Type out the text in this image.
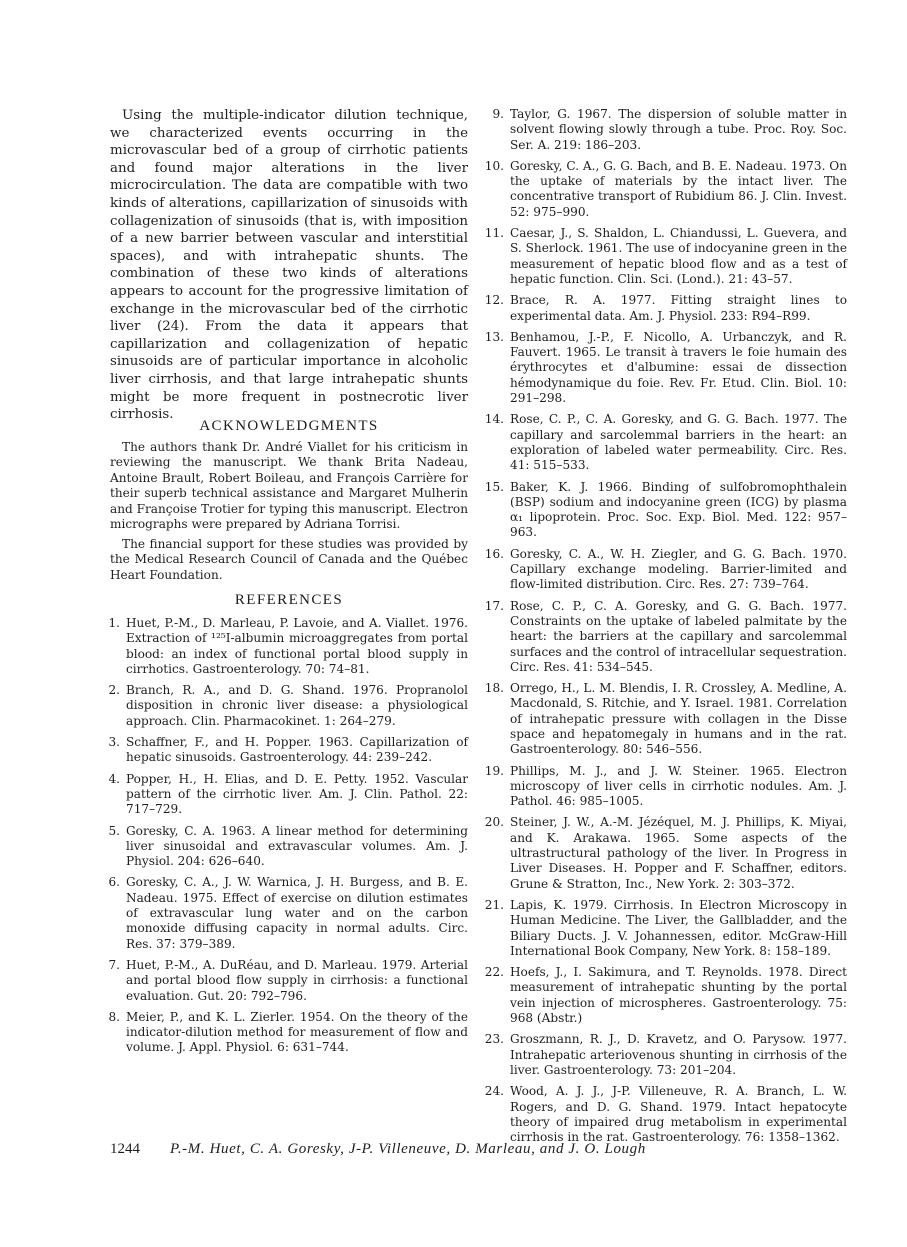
Using the multiple-indicator dilution technique, we characterized events occurring in the microvascular bed of a group of cirrhotic patients and found major alterations in the liver microcirculation. The data are compatible with two kinds of alterations, capillarization of sinusoids with collagenization of sinusoids (that is, with imposition of a new barrier between vascular and interstitial spaces), and with intrahepatic shunts. The combination of these two kinds of alterations appears to account for the progressive limitation of exchange in the microvascular bed of the cirrhotic liver (24). From the data it appears that capillarization and collagenization of hepatic sinusoids are of particular importance in alcoholic liver cirrhosis, and that large intrahepatic shunts might be more frequent in postnecrotic liver cirrhosis.

ACKNOWLEDGMENTS

The authors thank Dr. André Viallet for his criticism in reviewing the manuscript. We thank Brita Nadeau, Antoine Brault, Robert Boileau, and François Carrière for their superb technical assistance and Margaret Mulherin and Françoise Trotier for typing this manuscript. Electron micrographs were prepared by Adriana Torrisi.

The financial support for these studies was provided by the Medical Research Council of Canada and the Québec Heart Foundation.

REFERENCES
1. Huet, P.-M., D. Marleau, P. Lavoie, and A. Viallet. 1976. Extraction of ¹²⁵I-albumin microaggregates from portal blood: an index of functional portal blood supply in cirrhotics. Gastroenterology. 70: 74–81.
2. Branch, R. A., and D. G. Shand. 1976. Propranolol disposition in chronic liver disease: a physiological approach. Clin. Pharmacokinet. 1: 264–279.
3. Schaffner, F., and H. Popper. 1963. Capillarization of hepatic sinusoids. Gastroenterology. 44: 239–242.
4. Popper, H., H. Elias, and D. E. Petty. 1952. Vascular pattern of the cirrhotic liver. Am. J. Clin. Pathol. 22: 717–729.
5. Goresky, C. A. 1963. A linear method for determining liver sinusoidal and extravascular volumes. Am. J. Physiol. 204: 626–640.
6. Goresky, C. A., J. W. Warnica, J. H. Burgess, and B. E. Nadeau. 1975. Effect of exercise on dilution estimates of extravascular lung water and on the carbon monoxide diffusing capacity in normal adults. Circ. Res. 37: 379–389.
7. Huet, P.-M., A. DuRéau, and D. Marleau. 1979. Arterial and portal blood flow supply in cirrhosis: a functional evaluation. Gut. 20: 792–796.
8. Meier, P., and K. L. Zierler. 1954. On the theory of the indicator-dilution method for measurement of flow and volume. J. Appl. Physiol. 6: 631–744.
9. Taylor, G. 1967. The dispersion of soluble matter in solvent flowing slowly through a tube. Proc. Roy. Soc. Ser. A. 219: 186–203.
10. Goresky, C. A., G. G. Bach, and B. E. Nadeau. 1973. On the uptake of materials by the intact liver. The concentrative transport of Rubidium 86. J. Clin. Invest. 52: 975–990.
11. Caesar, J., S. Shaldon, L. Chiandussi, L. Guevera, and S. Sherlock. 1961. The use of indocyanine green in the measurement of hepatic blood flow and as a test of hepatic function. Clin. Sci. (Lond.). 21: 43–57.
12. Brace, R. A. 1977. Fitting straight lines to experimental data. Am. J. Physiol. 233: R94–R99.
13. Benhamou, J.-P., F. Nicollo, A. Urbanczyk, and R. Fauvert. 1965. Le transit à travers le foie humain des érythrocytes et d'albumine: essai de dissection hémodynamique du foie. Rev. Fr. Etud. Clin. Biol. 10: 291–298.
14. Rose, C. P., C. A. Goresky, and G. G. Bach. 1977. The capillary and sarcolemmal barriers in the heart: an exploration of labeled water permeability. Circ. Res. 41: 515–533.
15. Baker, K. J. 1966. Binding of sulfobromophthalein (BSP) sodium and indocyanine green (ICG) by plasma α₁ lipoprotein. Proc. Soc. Exp. Biol. Med. 122: 957–963.
16. Goresky, C. A., W. H. Ziegler, and G. G. Bach. 1970. Capillary exchange modeling. Barrier-limited and flow-limited distribution. Circ. Res. 27: 739–764.
17. Rose, C. P., C. A. Goresky, and G. G. Bach. 1977. Constraints on the uptake of labeled palmitate by the heart: the barriers at the capillary and sarcolemmal surfaces and the control of intracellular sequestration. Circ. Res. 41: 534–545.
18. Orrego, H., L. M. Blendis, I. R. Crossley, A. Medline, A. Macdonald, S. Ritchie, and Y. Israel. 1981. Correlation of intrahepatic pressure with collagen in the Disse space and hepatomegaly in humans and in the rat. Gastroenterology. 80: 546–556.
19. Phillips, M. J., and J. W. Steiner. 1965. Electron microscopy of liver cells in cirrhotic nodules. Am. J. Pathol. 46: 985–1005.
20. Steiner, J. W., A.-M. Jézéquel, M. J. Phillips, K. Miyai, and K. Arakawa. 1965. Some aspects of the ultrastructural pathology of the liver. In Progress in Liver Diseases. H. Popper and F. Schaffner, editors. Grune & Stratton, Inc., New York. 2: 303–372.
21. Lapis, K. 1979. Cirrhosis. In Electron Microscopy in Human Medicine. The Liver, the Gallbladder, and the Biliary Ducts. J. V. Johannessen, editor. McGraw-Hill International Book Company, New York. 8: 158–189.
22. Hoefs, J., I. Sakimura, and T. Reynolds. 1978. Direct measurement of intrahepatic shunting by the portal vein injection of microspheres. Gastroenterology. 75: 968 (Abstr.)
23. Groszmann, R. J., D. Kravetz, and O. Parysow. 1977. Intrahepatic arteriovenous shunting in cirrhosis of the liver. Gastroenterology. 73: 201–204.
24. Wood, A. J. J., J-P. Villeneuve, R. A. Branch, L. W. Rogers, and D. G. Shand. 1979. Intact hepatocyte theory of impaired drug metabolism in experimental cirrhosis in the rat. Gastroenterology. 76: 1358–1362.
1244 P.-M. Huet, C. A. Goresky, J-P. Villeneuve, D. Marleau, and J. O. Lough
